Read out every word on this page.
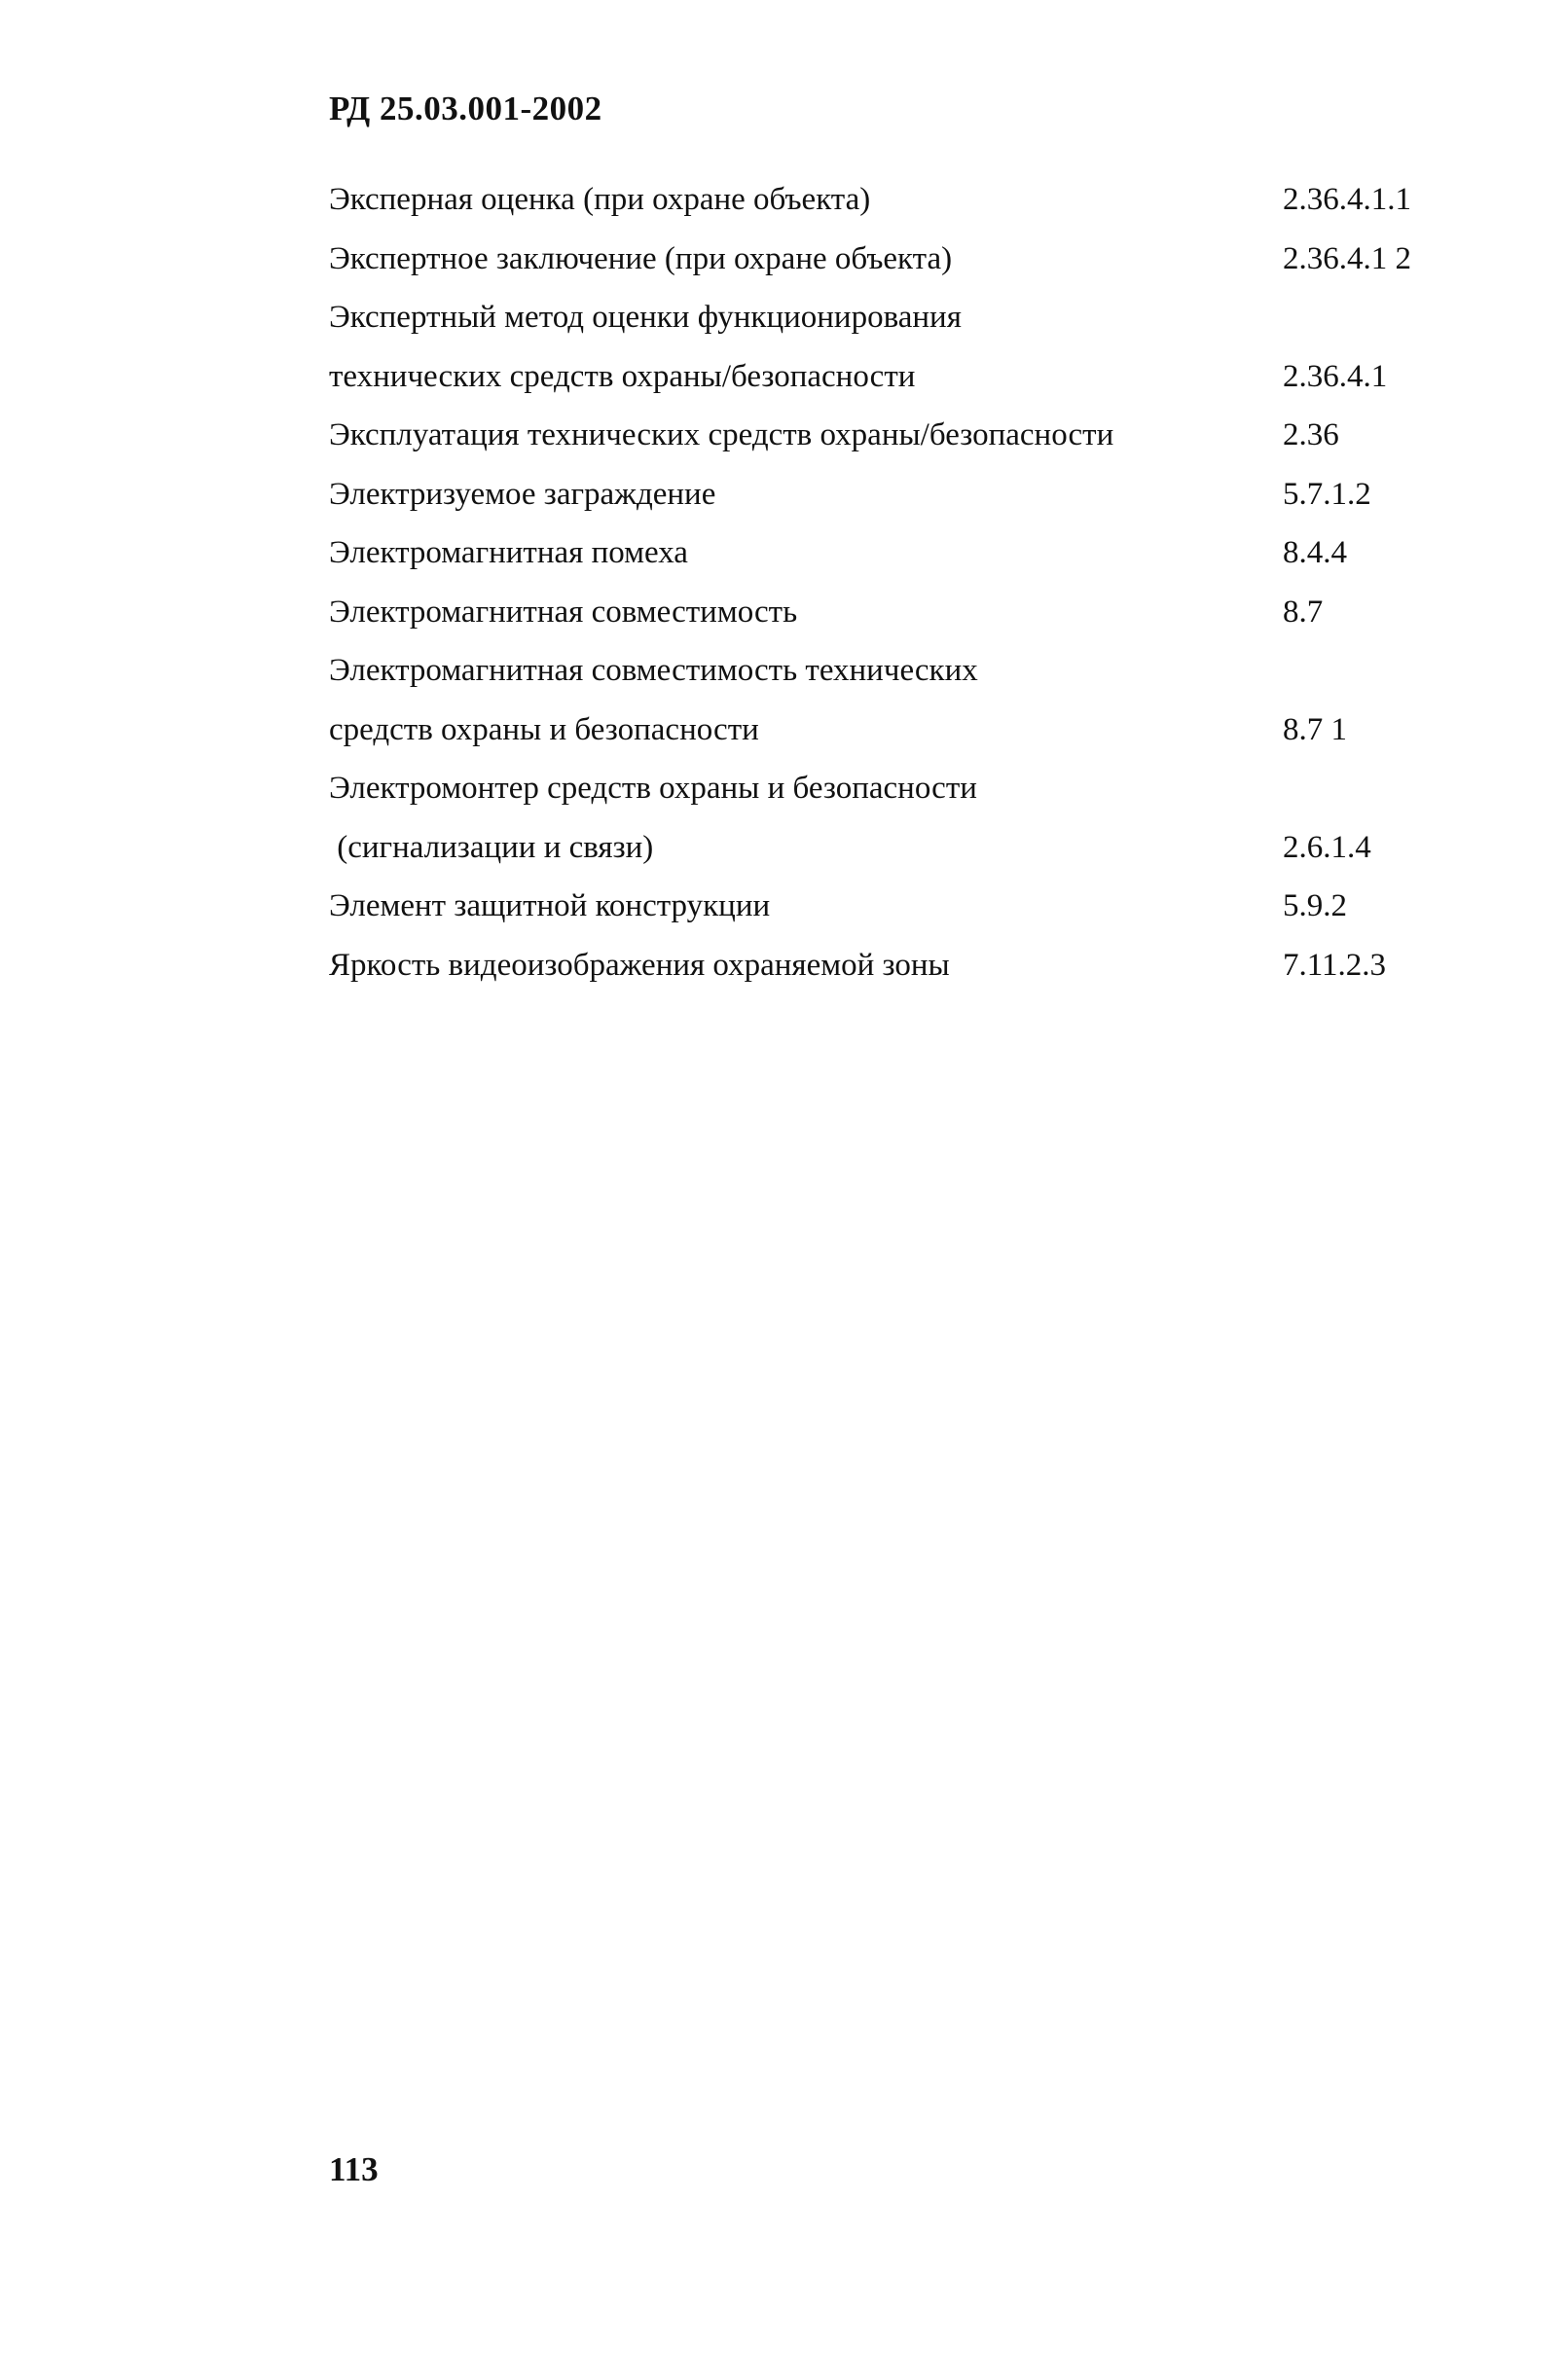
РД 25.03.001-2002
Эксперная оценка (при охране объекта)	2.36.4.1.1
Экспертное заключение (при охране объекта)	2.36.4.1 2
Экспертный метод оценки функционирования
технических средств охраны/безопасности	2.36.4.1
Эксплуатация технических средств охраны/безопасности	2.36
Электризуемое заграждение	5.7.1.2
Электромагнитная помеха	8.4.4
Электромагнитная совместимость	8.7
Электромагнитная совместимость технических
средств охраны и безопасности	8.7 1
Электромонтер средств охраны и безопасности
(сигнализации и связи)	2.6.1.4
Элемент защитной конструкции	5.9.2
Яркость видеоизображения охраняемой зоны	7.11.2.3
113
